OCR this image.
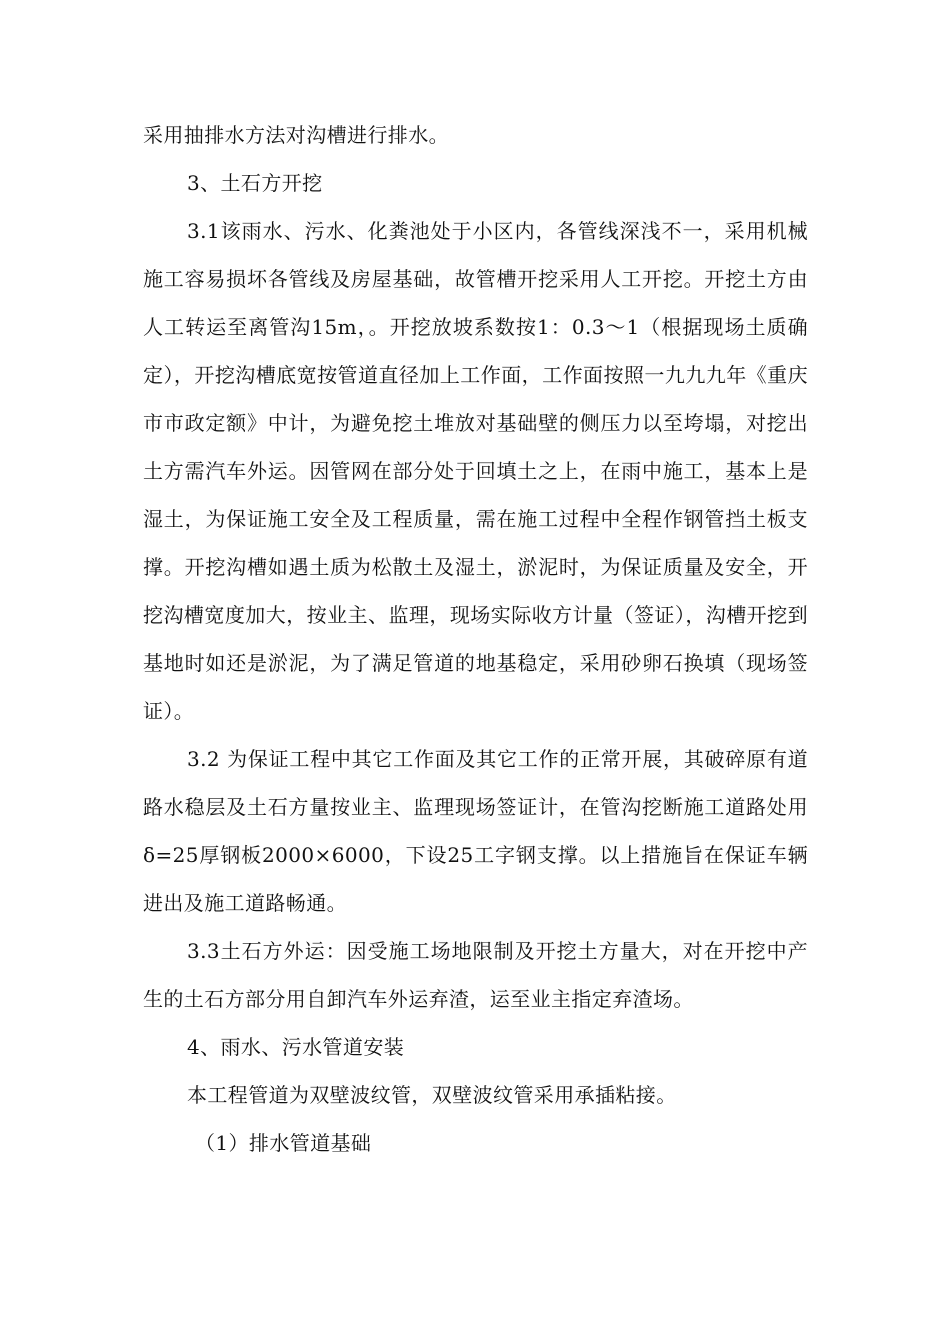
采用抽排水方法对沟槽进行排水。

3、土石方开挖

3.1该雨水、污水、化粪池处于小区内，各管线深浅不一，采用机械施工容易损坏各管线及房屋基础，故管槽开挖采用人工开挖。开挖土方由人工转运至离管沟15m，。开挖放坡系数按1：0.3～1（根据现场土质确定），开挖沟槽底宽按管道直径加上工作面，工作面按照一九九九年《重庆市市政定额》中计，为避免挖土堆放对基础壁的侧压力以至垮塌，对挖出土方需汽车外运。因管网在部分处于回填土之上，在雨中施工，基本上是湿土，为保证施工安全及工程质量，需在施工过程中全程作钢管挡土板支撑。开挖沟槽如遇土质为松散土及湿土，淤泥时，为保证质量及安全，开挖沟槽宽度加大，按业主、监理，现场实际收方计量（签证），沟槽开挖到基地时如还是淤泥，为了满足管道的地基稳定，采用砂卵石换填（现场签证）。

3.2 为保证工程中其它工作面及其它工作的正常开展，其破碎原有道路水稳层及土石方量按业主、监理现场签证计，在管沟挖断施工道路处用δ=25厚钢板2000×6000，下设25工字钢支撑。以上措施旨在保证车辆进出及施工道路畅通。

3.3土石方外运：因受施工场地限制及开挖土方量大，对在开挖中产生的土石方部分用自卸汽车外运弃渣，运至业主指定弃渣场。

4、雨水、污水管道安装

本工程管道为双壁波纹管，双壁波纹管采用承插粘接。

（1）排水管道基础
